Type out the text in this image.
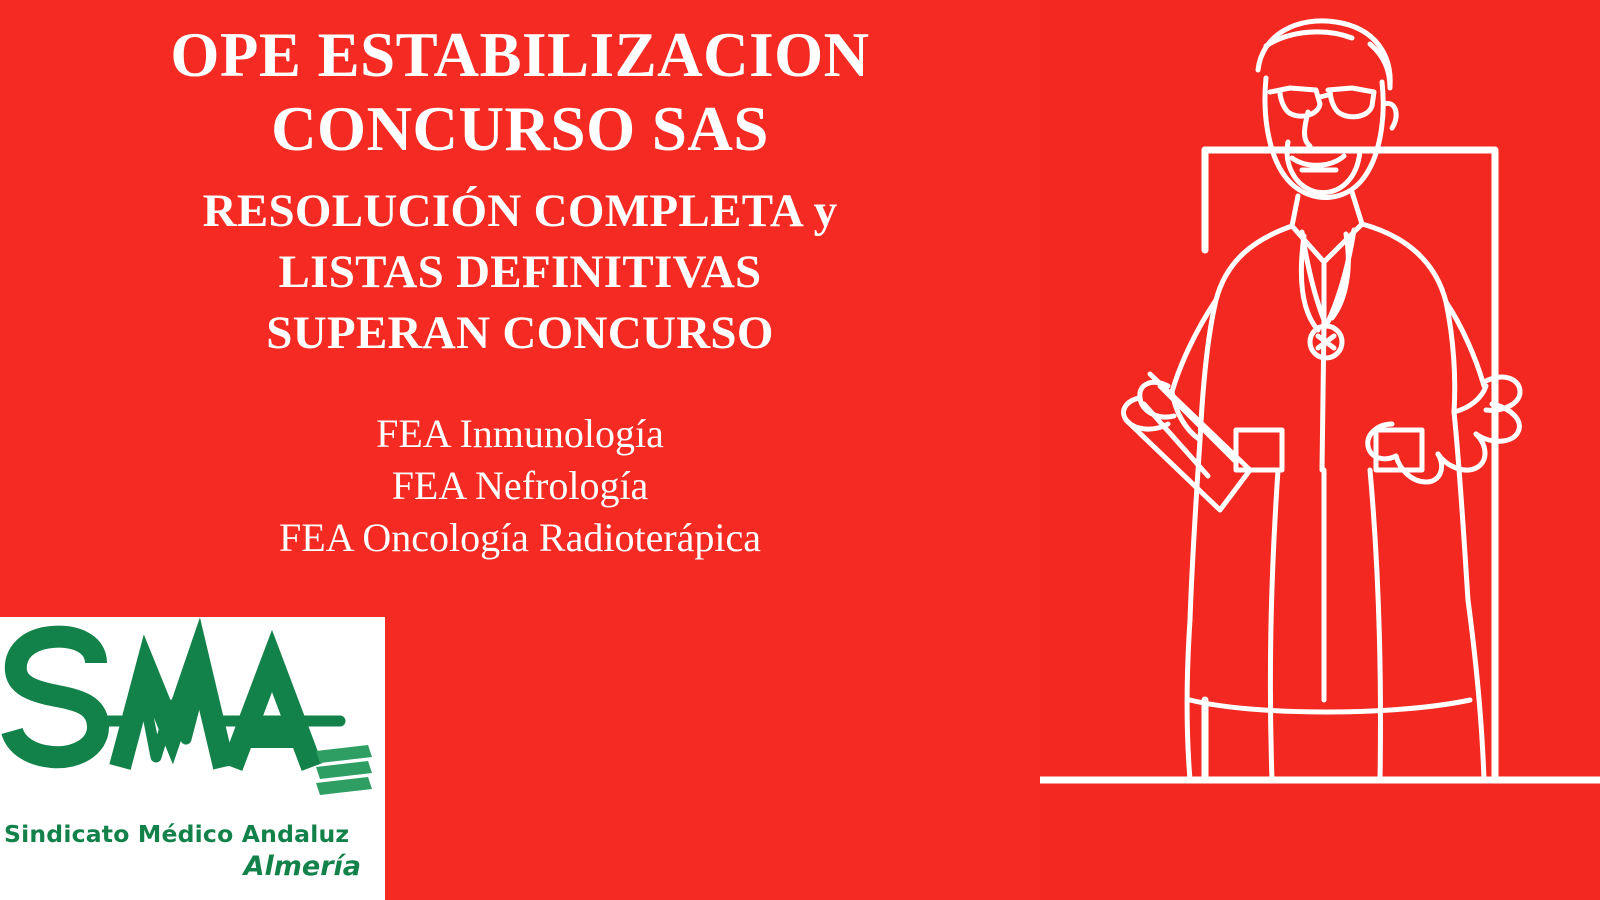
OPE ESTABILIZACION
CONCURSO SAS
RESOLUCIÓN COMPLETA y
LISTAS DEFINITIVAS
SUPERAN CONCURSO
FEA Inmunología
FEA Nefrología
FEA Oncología Radioterápica
Sindicato Médico Andaluz
Almería
